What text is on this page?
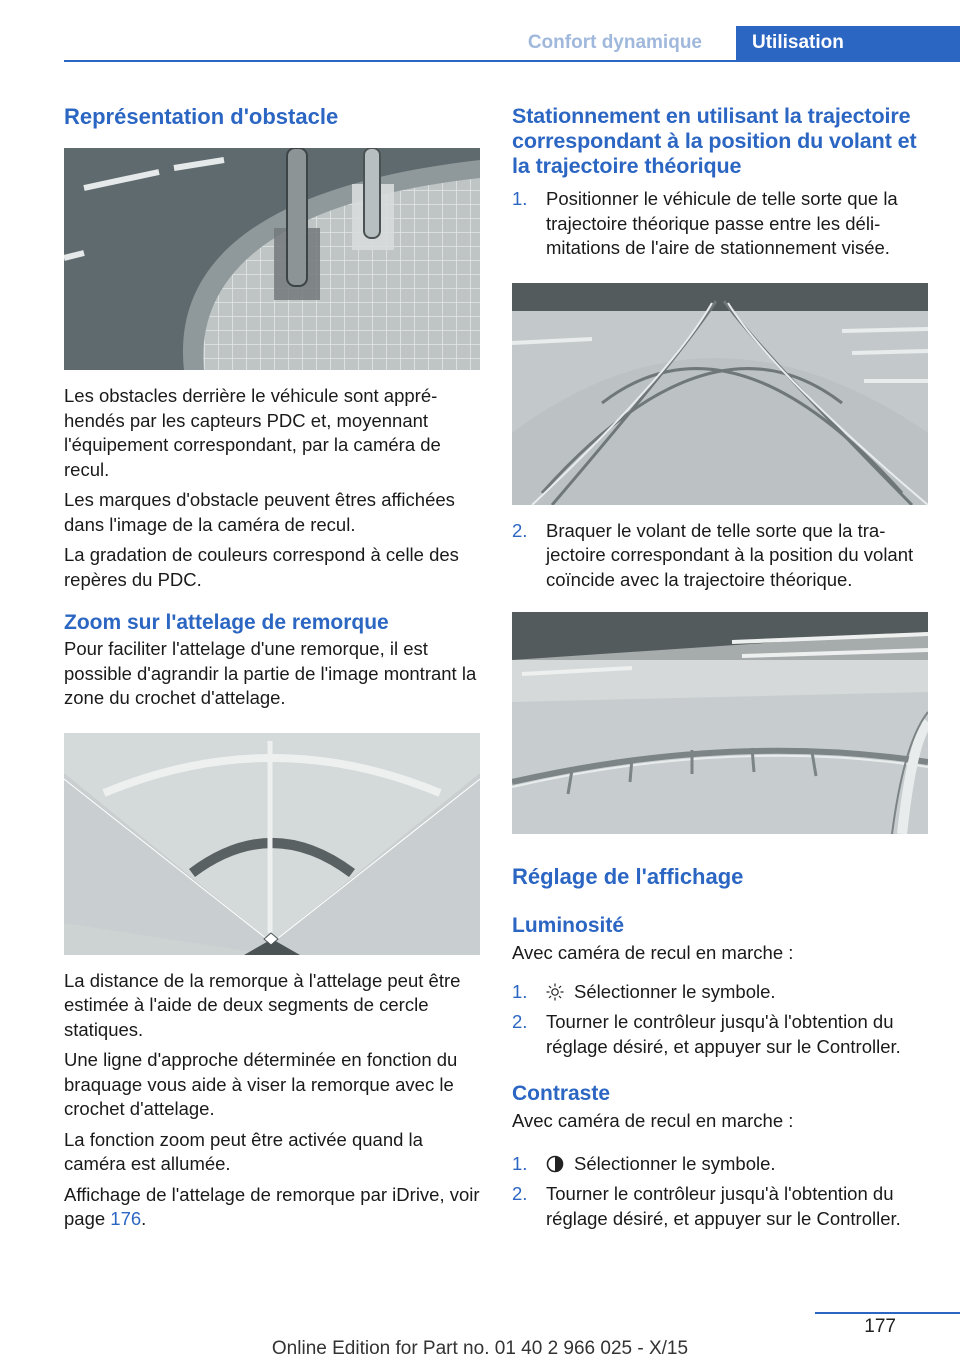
Confort dynamique	Utilisation
Représentation d'obstacle

Les obstacles derrière le véhicule sont appréhendés par les capteurs PDC et, moyennant l'équipement correspondant, par la caméra de recul.

Les marques d'obstacle peuvent êtres affichées dans l'image de la caméra de recul.

La gradation de couleurs correspond à celle des repères du PDC.

Zoom sur l'attelage de remorque

Pour faciliter l'attelage d'une remorque, il est possible d'agrandir la partie de l'image montrant la zone du crochet d'attelage.

La distance de la remorque à l'attelage peut être estimée à l'aide de deux segments de cercle statiques.

Une ligne d'approche déterminée en fonction du braquage vous aide à viser la remorque avec le crochet d'attelage.

La fonction zoom peut être activée quand la caméra est allumée.

Affichage de l'attelage de remorque par iDrive, voir page 176.

Stationnement en utilisant la trajectoire correspondant à la position du volant et la trajectoire théorique
1. Positionner le véhicule de telle sorte que la trajectoire théorique passe entre les délimitations de l'aire de stationnement visée.
2. Braquer le volant de telle sorte que la trajectoire correspondant à la position du volant coïncide avec la trajectoire théorique.
Réglage de l'affichage
Luminosité

Avec caméra de recul en marche :

1.	Sélectionner le symbole.
2. Tourner le contrôleur jusqu'à l'obtention du réglage désiré, et appuyer sur le Controller.
Contraste

Avec caméra de recul en marche :

1.	Sélectionner le symbole.
2. Tourner le contrôleur jusqu'à l'obtention du réglage désiré, et appuyer sur le Controller.
177
Online Edition for Part no. 01 40 2 966 025 - X/15
